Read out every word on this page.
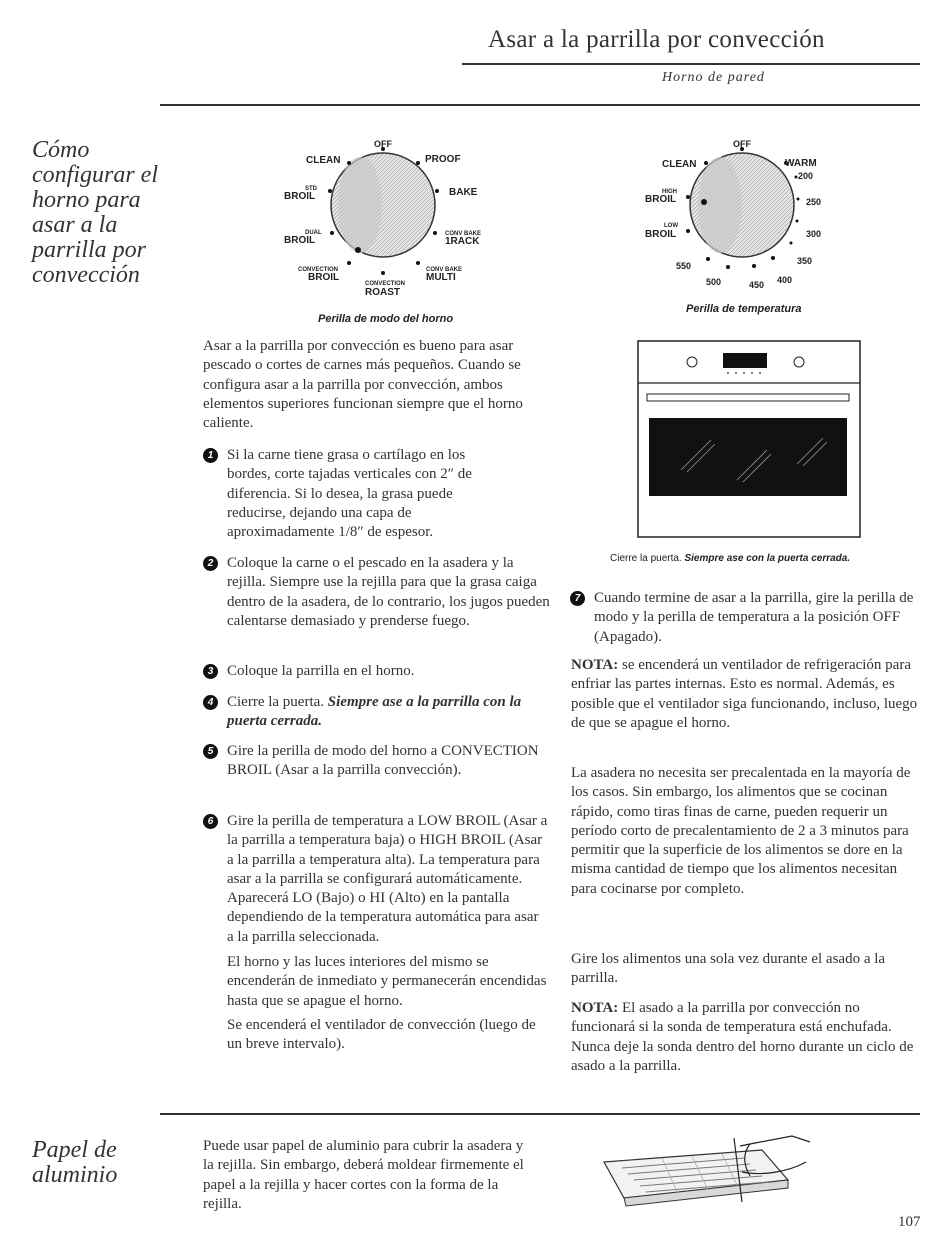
Asar a la parrilla por convección
Horno de pared
Cómo
configurar el
horno para
asar a la
parrilla por
convección
OFF
CLEAN	PROOF
STD
BROIL	BAKE
DUAL
BROIL
CONV BAKE
1RACK
CONVECTION
BROIL
CONVECTION
ROAST
CONV BAKE
MULTI
Perilla de modo del horno
OFF
CLEAN	WARM
HIGH
BROIL
LOW
BROIL
200
250
300
350
400
450
500
550
Perilla de temperatura
Cierre la puerta. Siempre ase con la puerta cerrada.
Asar a la parrilla por convección es bueno para asar pescado o cortes de carnes más pequeños. Cuando se configura asar a la parrilla por convección, ambos elementos superiores funcionan siempre que el horno caliente.
1 Si la carne tiene grasa o cartílago en los bordes, corte tajadas verticales con 2″ de diferencia. Si lo desea, la grasa puede reducirse, dejando una capa de aproximadamente 1/8″ de espesor.
2 Coloque la carne o el pescado en la asadera y la rejilla. Siempre use la rejilla para que la grasa caiga dentro de la asadera, de lo contrario, los jugos pueden calentarse demasiado y prenderse fuego.
3 Coloque la parrilla en el horno.
4 Cierre la puerta. Siempre ase a la parrilla con la puerta cerrada.
5 Gire la perilla de modo del horno a CONVECTION BROIL (Asar a la parrilla convección).
6 Gire la perilla de temperatura a LOW BROIL (Asar a la parrilla a temperatura baja) o HIGH BROIL (Asar a la parrilla a temperatura alta). La temperatura para asar a la parrilla se configurará automáticamente. Aparecerá LO (Bajo) o HI (Alto) en la pantalla dependiendo de la temperatura automática para asar a la parrilla seleccionada.
El horno y las luces interiores del mismo se encenderán de inmediato y permanecerán encendidas hasta que se apague el horno.
Se encenderá el ventilador de convección (luego de un breve intervalo).
7 Cuando termine de asar a la parrilla, gire la perilla de modo y la perilla de temperatura a la posición OFF (Apagado).
NOTA: se encenderá un ventilador de refrigeración para enfriar las partes internas. Esto es normal. Además, es posible que el ventilador siga funcionando, incluso, luego de que se apague el horno.
La asadera no necesita ser precalentada en la mayoría de los casos. Sin embargo, los alimentos que se cocinan rápido, como tiras finas de carne, pueden requerir un período corto de precalentamiento de 2 a 3 minutos para permitir que la superficie de los alimentos se dore en la misma cantidad de tiempo que los alimentos necesitan para cocinarse por completo.
Gire los alimentos una sola vez durante el asado a la parrilla.
NOTA: El asado a la parrilla por convección no funcionará si la sonda de temperatura está enchufada. Nunca deje la sonda dentro del horno durante un ciclo de asado a la parrilla.
Papel de
aluminio
Puede usar papel de aluminio para cubrir la asadera y la rejilla. Sin embargo, deberá moldear firmemente el papel a la rejilla y hacer cortes con la forma de la rejilla.
107
